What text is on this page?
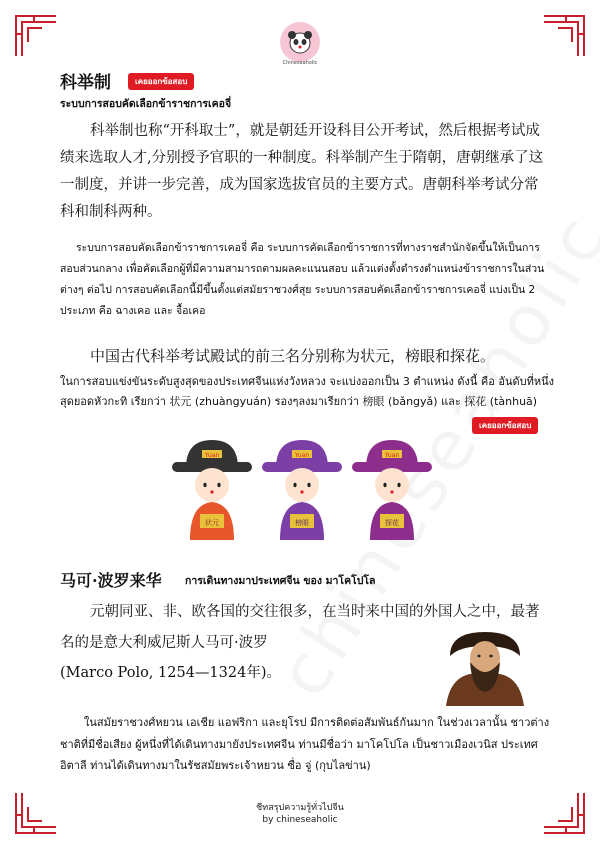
Chineseaholic
科举制	เคยออกข้อสอบ
ระบบการสอบคัดเลือกข้าราชการเคอจี่
科举制也称“开科取士”，就是朝廷开设科目公开考试，然后根据考试成绩来选取人才,分别授予官职的一种制度。科举制产生于隋朝，唐朝继承了这一制度，并讲一步完善，成为国家选拔官员的主要方式。唐朝科举考试分常科和制科两种。
ระบบการสอบคัดเลือกข้าราชการเคอจี่ คือ ระบบการคัดเลือกข้าราชการที่ทางราชสำนักจัดขึ้นให้เป็นการสอบส่วนกลาง เพื่อคัดเลือกผู้ที่มีความสามารถตามผลคะแนนสอบ แล้วแต่งตั้งดำรงตำแหน่งข้าราชการในส่วนต่างๆ ต่อไป การสอบคัดเลือกนี้มีขึ้นตั้งแต่สมัยราชวงศ์สุย ระบบการสอบคัดเลือกข้าราชการเคอจี่ แบ่งเป็น 2 ประเภท คือ ฉางเคอ และ จื้อเคอ
中国古代科举考试殿试的前三名分别称为状元，榜眼和探花。
ในการสอบแข่งขันระดับสูงสุดของประเทศจีนแห่งวังหลวง จะแบ่งออกเป็น 3 ตำแหน่ง ดังนี้ คือ อันดับที่หนึ่งสุดยอดหัวกะทิ เรียกว่า 状元 (zhuàngyuán) รองๆลงมาเรียกว่า 榜眼 (bǎngyǎ) และ 探花 (tànhuā)
เคยออกข้อสอบ
Yuan
状元
Yuan
榜眼
Yuan
探花
马可·波罗来华 การเดินทางมาประเทศจีน ของ มาโคโปโล
元朝同亚、非、欧各国的交往很多，在当时来中国的外国人之中，最著名的是意大利威尼斯人马可·波罗
(Marco Polo, 1254—1324年)。
ในสมัยราชวงศ์หยวน เอเชีย แอฟริกา และยุโรป มีการติดต่อสัมพันธ์กันมาก ในช่วงเวลานั้น ชาวต่างชาติที่มีชื่อเสียง ผู้หนึ่งที่ได้เดินทางมายังประเทศจีน ท่านมีชื่อว่า มาโคโปโล เป็นชาวเมืองเวนิส ประเทศอิตาลี ท่านได้เดินทางมาในรัชสมัยพระเจ้าหยวน ซื่อ จู่ (กุบไลข่าน)
ชีทสรุปความรู้ทั่วไปจีน
by chineseaholic
